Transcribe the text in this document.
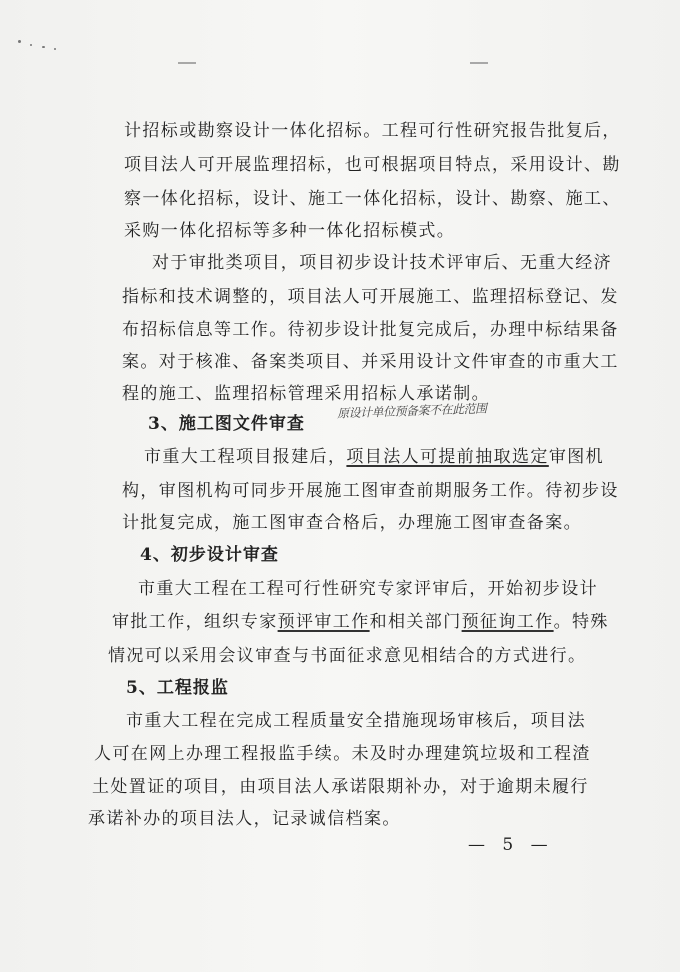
计招标或勘察设计一体化招标。工程可行性研究报告批复后，
项目法人可开展监理招标，也可根据项目特点，采用设计、勘
察一体化招标，设计、施工一体化招标，设计、勘察、施工、
采购一体化招标等多种一体化招标模式。
对于审批类项目，项目初步设计技术评审后、无重大经济
指标和技术调整的，项目法人可开展施工、监理招标登记、发
布招标信息等工作。待初步设计批复完成后，办理中标结果备
案。对于核准、备案类项目、并采用设计文件审查的市重大工
程的施工、监理招标管理采用招标人承诺制。
3、施工图文件审查
原设计单位预备案不在此范围
市重大工程项目报建后，项目法人可提前抽取选定审图机
构，审图机构可同步开展施工图审查前期服务工作。待初步设
计批复完成，施工图审查合格后，办理施工图审查备案。
4、初步设计审查
市重大工程在工程可行性研究专家评审后，开始初步设计
审批工作，组织专家预评审工作和相关部门预征询工作。特殊
情况可以采用会议审查与书面征求意见相结合的方式进行。
5、工程报监
市重大工程在完成工程质量安全措施现场审核后，项目法
人可在网上办理工程报监手续。未及时办理建筑垃圾和工程渣
土处置证的项目，由项目法人承诺限期补办，对于逾期未履行
承诺补办的项目法人，记录诚信档案。
— 5 —
